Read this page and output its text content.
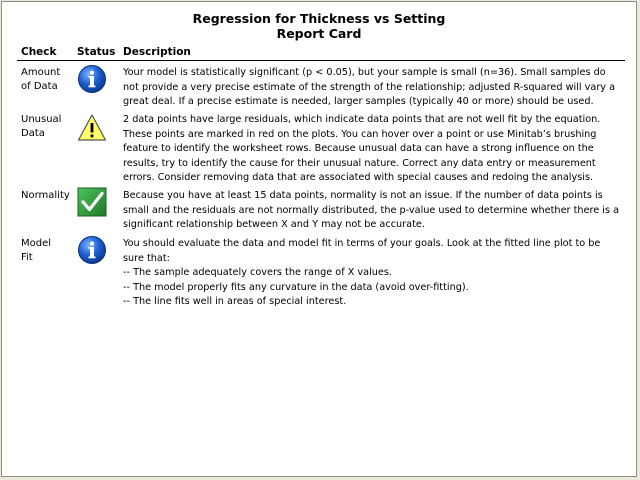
Regression for Thickness vs Setting
Report Card
Check Status Description
Amount
of Data
Your model is statistically significant (p < 0.05), but your sample is small (n=36). Small samples do
not provide a very precise estimate of the strength of the relationship; adjusted R-squared will vary a
great deal. If a precise estimate is needed, larger samples (typically 40 or more) should be used.
Unusual
Data
2 data points have large residuals, which indicate data points that are not well fit by the equation.
These points are marked in red on the plots. You can hover over a point or use Minitab’s brushing
feature to identify the worksheet rows. Because unusual data can have a strong influence on the
results, try to identify the cause for their unusual nature. Correct any data entry or measurement
errors. Consider removing data that are associated with special causes and redoing the analysis.
Normality	Because you have at least 15 data points, normality is not an issue. If the number of data points is
small and the residuals are not normally distributed, the p-value used to determine whether there is a
significant relationship between X and Y may not be accurate.
Model
Fit
You should evaluate the data and model fit in terms of your goals. Look at the fitted line plot to be
sure that:
-- The sample adequately covers the range of X values.
-- The model properly fits any curvature in the data (avoid over-fitting).
-- The line fits well in areas of special interest.
